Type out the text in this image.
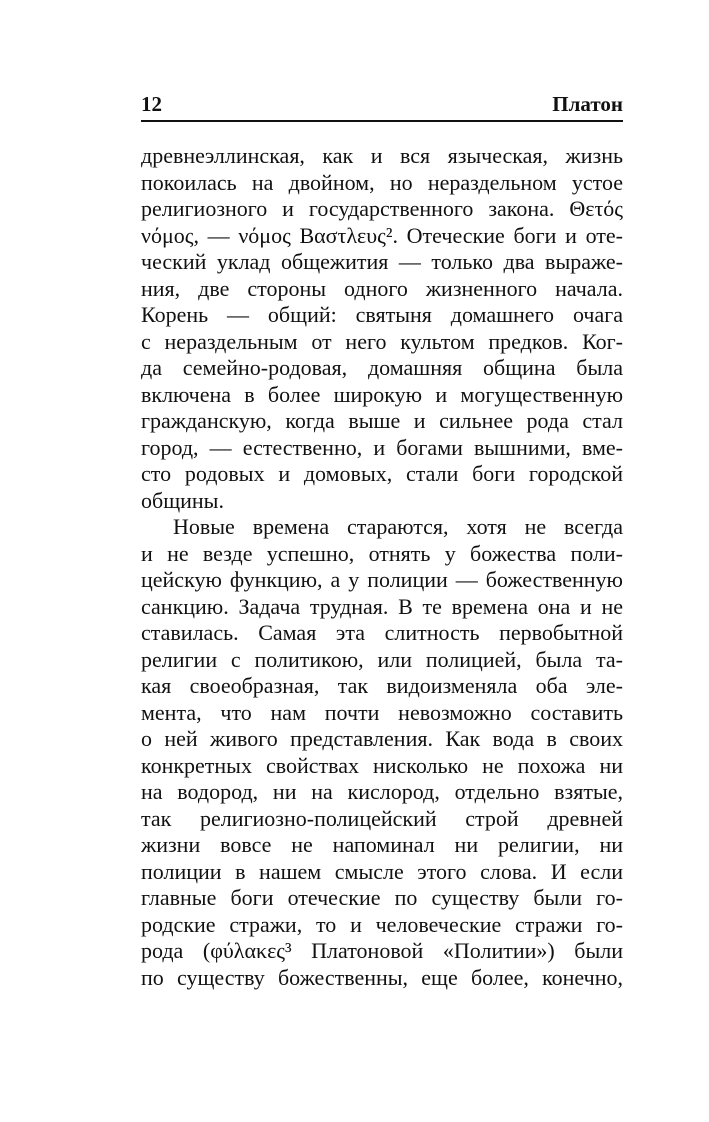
12	Платон
древнеэллинская, как и вся языческая, жизнь
покоилась на двойном, но нераздельном устое
религиозного и государственного закона. Θετός
νόμος, — νόμος Βαστλευς². Отеческие боги и оте-
ческий уклад общежития — только два выраже-
ния, две стороны одного жизненного начала.
Корень — общий: святыня домашнего очага
с нераздельным от него культом предков. Ког-
да семейно-родовая, домашняя община была
включена в более широкую и могущественную
гражданскую, когда выше и сильнее рода стал
город, — естественно, и богами вышними, вме-
сто родовых и домовых, стали боги городской
общины.
Новые времена стараются, хотя не всегда
и не везде успешно, отнять у божества поли-
цейскую функцию, а у полиции — божественную
санкцию. Задача трудная. В те времена она и не
ставилась. Самая эта слитность первобытной
религии с политикою, или полицией, была та-
кая своеобразная, так видоизменяла оба эле-
мента, что нам почти невозможно составить
о ней живого представления. Как вода в своих
конкретных свойствах нисколько не похожа ни
на водород, ни на кислород, отдельно взятые,
так религиозно-полицейский строй древней
жизни вовсе не напоминал ни религии, ни
полиции в нашем смысле этого слова. И если
главные боги отеческие по существу были го-
родские стражи, то и человеческие стражи го-
рода (φύλακες³ Платоновой «Политии») были
по существу божественны, еще более, конечно,
